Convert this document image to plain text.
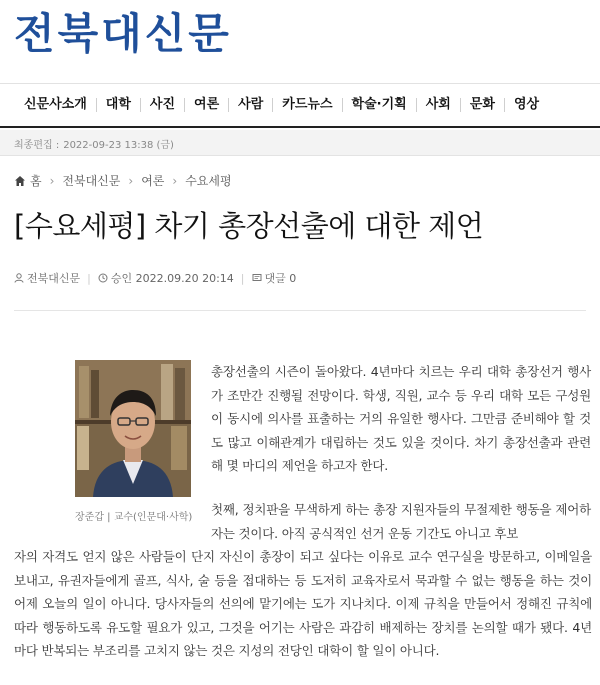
전북대신문
신문사소개	대학	사진	여론	사람	카드뉴스	학술·기획	사회	문화	영상
최종편집 : 2022-09-23 13:38 (금)
홈 › 전북대신문 › 여론 › 수요세평
[수요세평] 차기 총장선출에 대한 제언
전북대신문 | 승인 2022.09.20 20:14 | 댓글 0
장준갑 | 교수(인문대·사학)

총장선출의 시즌이 돌아왔다. 4년마다 치르는 우리 대학 총장선거 행사가 조만간 진행될 전망이다. 학생, 직원, 교수 등 우리 대학 모든 구성원이 동시에 의사를 표출하는 거의 유일한 행사다. 그만큼 준비해야 할 것도 많고 이해관계가 대립하는 것도 있을 것이다. 차기 총장선출과 관련해 몇 마디의 제언을 하고자 한다.

첫째, 정치판을 무색하게 하는 총장 지원자들의 무절제한 행동을 제어하자는 것이다. 아직 공식적인 선거 운동 기간도 아니고 후보

자의 자격도 얻지 않은 사람들이 단지 자신이 총장이 되고 싶다는 이유로 교수 연구실을 방문하고, 이메일을 보내고, 유권자들에게 골프, 식사, 술 등을 접대하는 등 도저히 교육자로서 묵과할 수 없는 행동을 하는 것이 어제 오늘의 일이 아니다. 당사자들의 선의에 맡기에는 도가 지나치다. 이제 규칙을 만들어서 정해진 규칙에 따라 행동하도록 유도할 필요가 있고, 그것을 어기는 사람은 과감히 배제하는 장치를 논의할 때가 됐다. 4년마다 반복되는 부조리를 고치지 않는 것은 지성의 전당인 대학이 할 일이 아니다.
